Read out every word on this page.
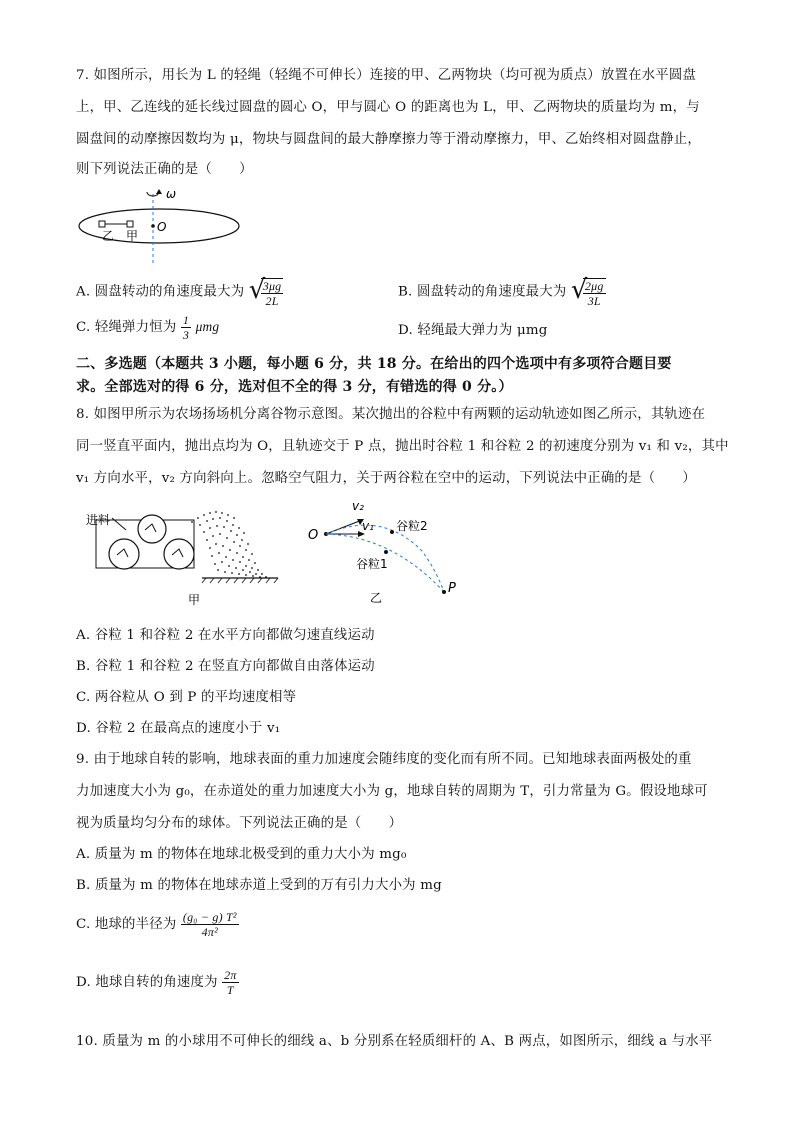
7. 如图所示，用长为 L 的轻绳（轻绳不可伸长）连接的甲、乙两物块（均可视为质点）放置在水平圆盘
上，甲、乙连线的延长线过圆盘的圆心 O，甲与圆心 O 的距离也为 L，甲、乙两物块的质量均为 m，与
圆盘间的动摩擦因数均为 μ，物块与圆盘间的最大静摩擦力等于滑动摩擦力，甲、乙始终相对圆盘静止，
则下列说法正确的是（　　）
ω
O
乙 甲
A. 圆盘转动的角速度最大为 √
$\frac{3\mu g}{2L}$	B. 圆盘转动的角速度最大为 √
$\frac{2\mu g}{3L}$
C. 轻绳弹力恒为 $\frac{1}{3}$ μmg	D. 轻绳最大弹力为 μmg
二、多选题（本题共 3 小题，每小题 6 分，共 18 分。在给出的四个选项中有多项符合题目要
求。全部选对的得 6 分，选对但不全的得 3 分，有错选的得 0 分。）
8. 如图甲所示为农场扬场机分离谷物示意图。某次抛出的谷粒中有两颗的运动轨迹如图乙所示，其轨迹在
同一竖直平面内，抛出点均为 O，且轨迹交于 P 点，抛出时谷粒 1 和谷粒 2 的初速度分别为 v₁ 和 v₂，其中
v₁ 方向水平，v₂ 方向斜向上。忽略空气阻力，关于两谷粒在空中的运动，下列说法中正确的是（　　）
进料
甲
O
v₂
v₁ 谷粒2
谷粒1
P
乙
A. 谷粒 1 和谷粒 2 在水平方向都做匀速直线运动
B. 谷粒 1 和谷粒 2 在竖直方向都做自由落体运动
C. 两谷粒从 O 到 P 的平均速度相等
D. 谷粒 2 在最高点的速度小于 v₁
9. 由于地球自转的影响，地球表面的重力加速度会随纬度的变化而有所不同。已知地球表面两极处的重
力加速度大小为 g₀，在赤道处的重力加速度大小为 g，地球自转的周期为 T，引力常量为 G。假设地球可
视为质量均匀分布的球体。下列说法正确的是（　　）
A. 质量为 m 的物体在地球北极受到的重力大小为 mg₀
B. 质量为 m 的物体在地球赤道上受到的万有引力大小为 mg
C. 地球的半径为 $\frac{\text{(g₀ − g) T²}}{\text{4π²}}$
D. 地球自转的角速度为 $\frac{2\pi}{T}$
10. 质量为 m 的小球用不可伸长的细线 a、b 分别系在轻质细杆的 A、B 两点，如图所示，细线 a 与水平
